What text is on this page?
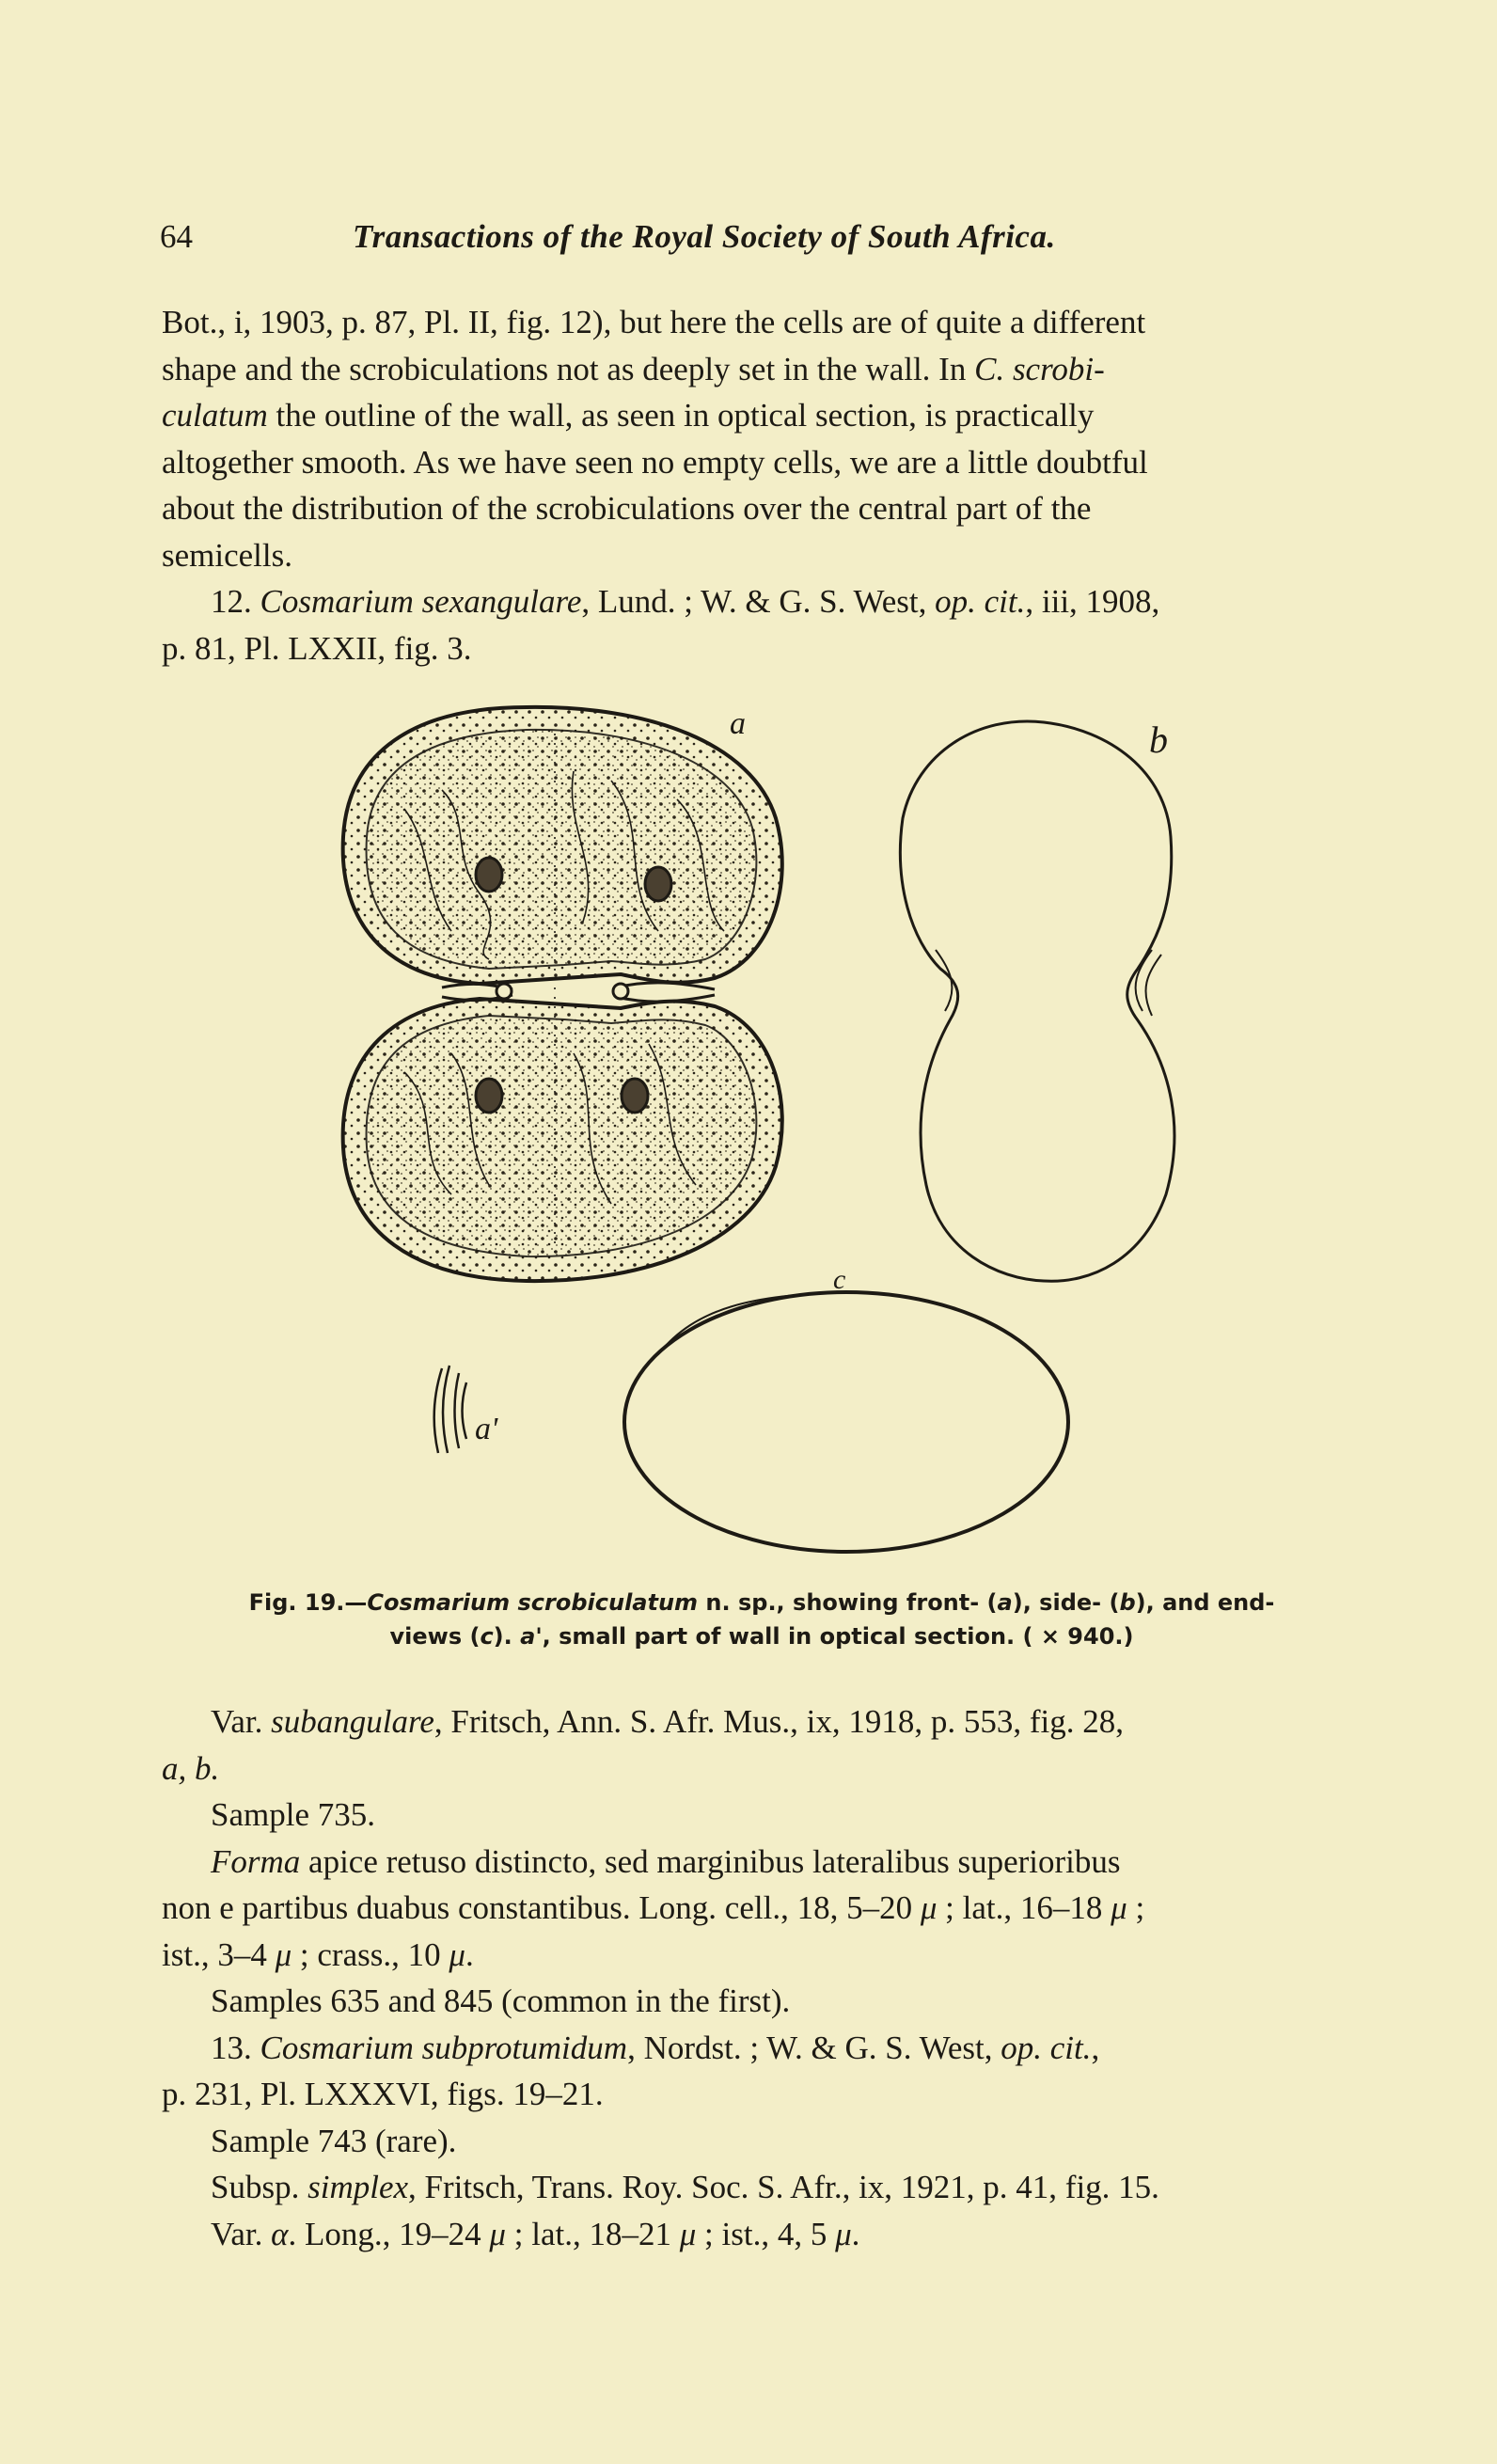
64	Transactions of the Royal Society of South Africa.

Bot., i, 1903, p. 87, Pl. II, fig. 12), but here the cells are of quite a different

shape and the scrobiculations not as deeply set in the wall. In C. scrobi-

culatum the outline of the wall, as seen in optical section, is practically

altogether smooth. As we have seen no empty cells, we are a little doubtful

about the distribution of the scrobiculations over the central part of the

semicells.

12. Cosmarium sexangulare, Lund. ; W. & G. S. West, op. cit., iii, 1908,

p. 81, Pl. LXXII, fig. 3.

a	b
c
a'
Fig. 19.—Cosmarium scrobiculatum n. sp., showing front- (a), side- (b), and end-
views (c). a', small part of wall in optical section. ( × 940.)

Var. subangulare, Fritsch, Ann. S. Afr. Mus., ix, 1918, p. 553, fig. 28,

a, b.

Sample 735.

Forma apice retuso distincto, sed marginibus lateralibus superioribus

non e partibus duabus constantibus. Long. cell., 18, 5–20 μ ; lat., 16–18 μ ;

ist., 3–4 μ ; crass., 10 μ.

Samples 635 and 845 (common in the first).

13. Cosmarium subprotumidum, Nordst. ; W. & G. S. West, op. cit.,

p. 231, Pl. LXXXVI, figs. 19–21.

Sample 743 (rare).

Subsp. simplex, Fritsch, Trans. Roy. Soc. S. Afr., ix, 1921, p. 41, fig. 15.

Var. α. Long., 19–24 μ ; lat., 18–21 μ ; ist., 4, 5 μ.
